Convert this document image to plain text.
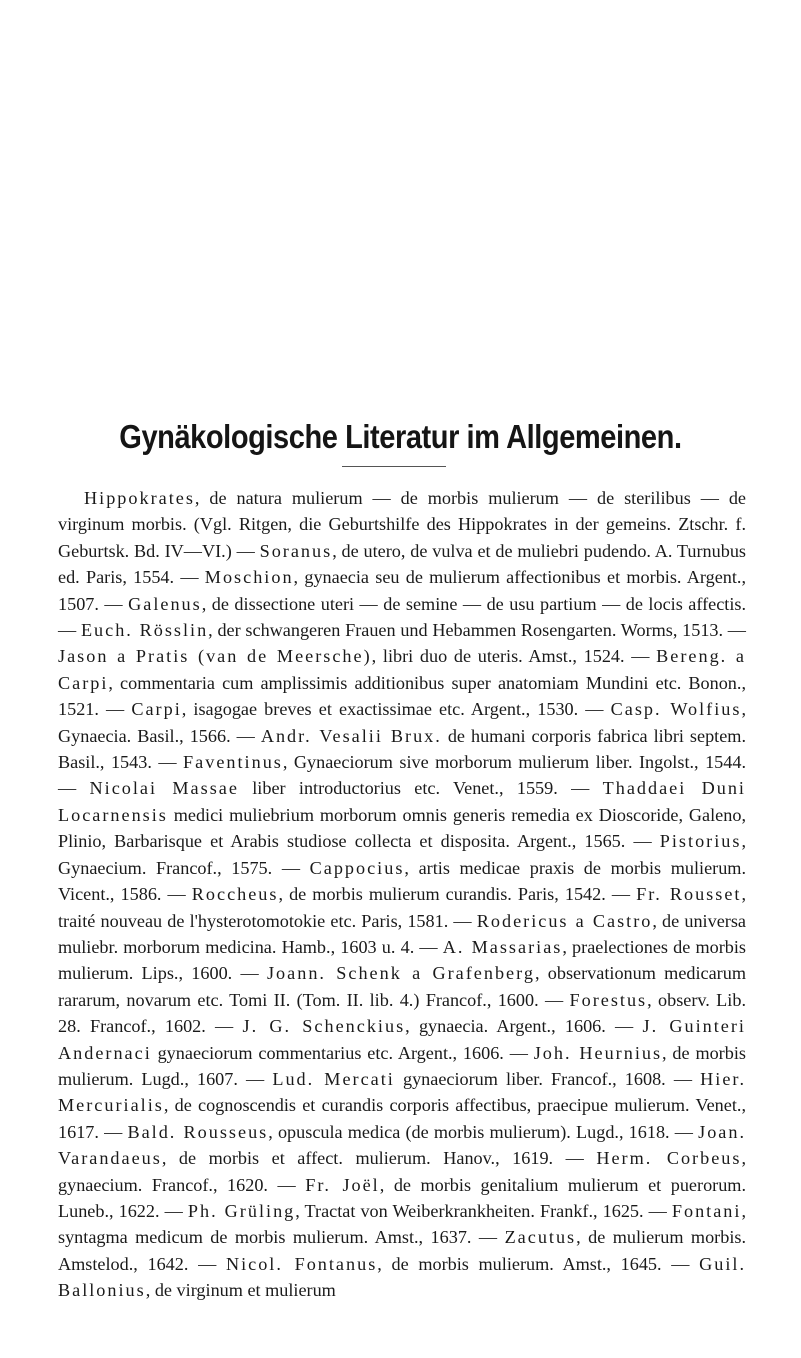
Gynäkologische Literatur im Allgemeinen.

Hippokrates, de natura mulierum — de morbis mulierum — de sterilibus — de virginum morbis. (Vgl. Ritgen, die Geburtshilfe des Hippokrates in der gemeins. Ztschr. f. Geburtsk. Bd. IV—VI.) — Soranus, de utero, de vulva et de muliebri pudendo. A. Turnubus ed. Paris, 1554. — Moschion, gynaecia seu de mulierum affectionibus et morbis. Argent., 1507. — Galenus, de dissectione uteri — de semine — de usu partium — de locis affectis. — Euch. Rösslin, der schwangeren Frauen und Hebammen Rosengarten. Worms, 1513. — Jason a Pratis (van de Meersche), libri duo de uteris. Amst., 1524. — Bereng. a Carpi, commentaria cum amplissimis additionibus super anatomiam Mundini etc. Bonon., 1521. — Carpi, isagogae breves et exactissimae etc. Argent., 1530. — Casp. Wolfius, Gynaecia. Basil., 1566. — Andr. Vesalii Brux. de humani corporis fabrica libri septem. Basil., 1543. — Faventinus, Gynaeciorum sive morborum mulierum liber. Ingolst., 1544. — Nicolai Massae liber introductorius etc. Venet., 1559. — Thaddaei Duni Locarnensis medici muliebrium morborum omnis generis remedia ex Dioscoride, Galeno, Plinio, Barbarisque et Arabis studiose collecta et disposita. Argent., 1565. — Pistorius, Gynaecium. Francof., 1575. — Cappocius, artis medicae praxis de morbis mulierum. Vicent., 1586. — Roccheus, de morbis mulierum curandis. Paris, 1542. — Fr. Rousset, traité nouveau de l'hysterotomotokie etc. Paris, 1581. — Rodericus a Castro, de universa muliebr. morborum medicina. Hamb., 1603 u. 4. — A. Massarias, praelectiones de morbis mulierum. Lips., 1600. — Joann. Schenk a Grafenberg, observationum medicarum rararum, novarum etc. Tomi II. (Tom. II. lib. 4.) Francof., 1600. — Forestus, observ. Lib. 28. Francof., 1602. — J. G. Schenckius, gynaecia. Argent., 1606. — J. Guinteri Andernaci gynaeciorum commentarius etc. Argent., 1606. — Joh. Heurnius, de morbis mulierum. Lugd., 1607. — Lud. Mercati gynaeciorum liber. Francof., 1608. — Hier. Mercurialis, de cognoscendis et curandis corporis affectibus, praecipue mulierum. Venet., 1617. — Bald. Rousseus, opuscula medica (de morbis mulierum). Lugd., 1618. — Joan. Varandaeus, de morbis et affect. mulierum. Hanov., 1619. — Herm. Corbeus, gynaecium. Francof., 1620. — Fr. Joël, de morbis genitalium mulierum et puerorum. Luneb., 1622. — Ph. Grüling, Tractat von Weiberkrankheiten. Frankf., 1625. — Fontani, syntagma medicum de morbis mulierum. Amst., 1637. — Zacutus, de mulierum morbis. Amstelod., 1642. — Nicol. Fontanus, de morbis mulierum. Amst., 1645. — Guil. Ballonius, de virginum et mulierum
